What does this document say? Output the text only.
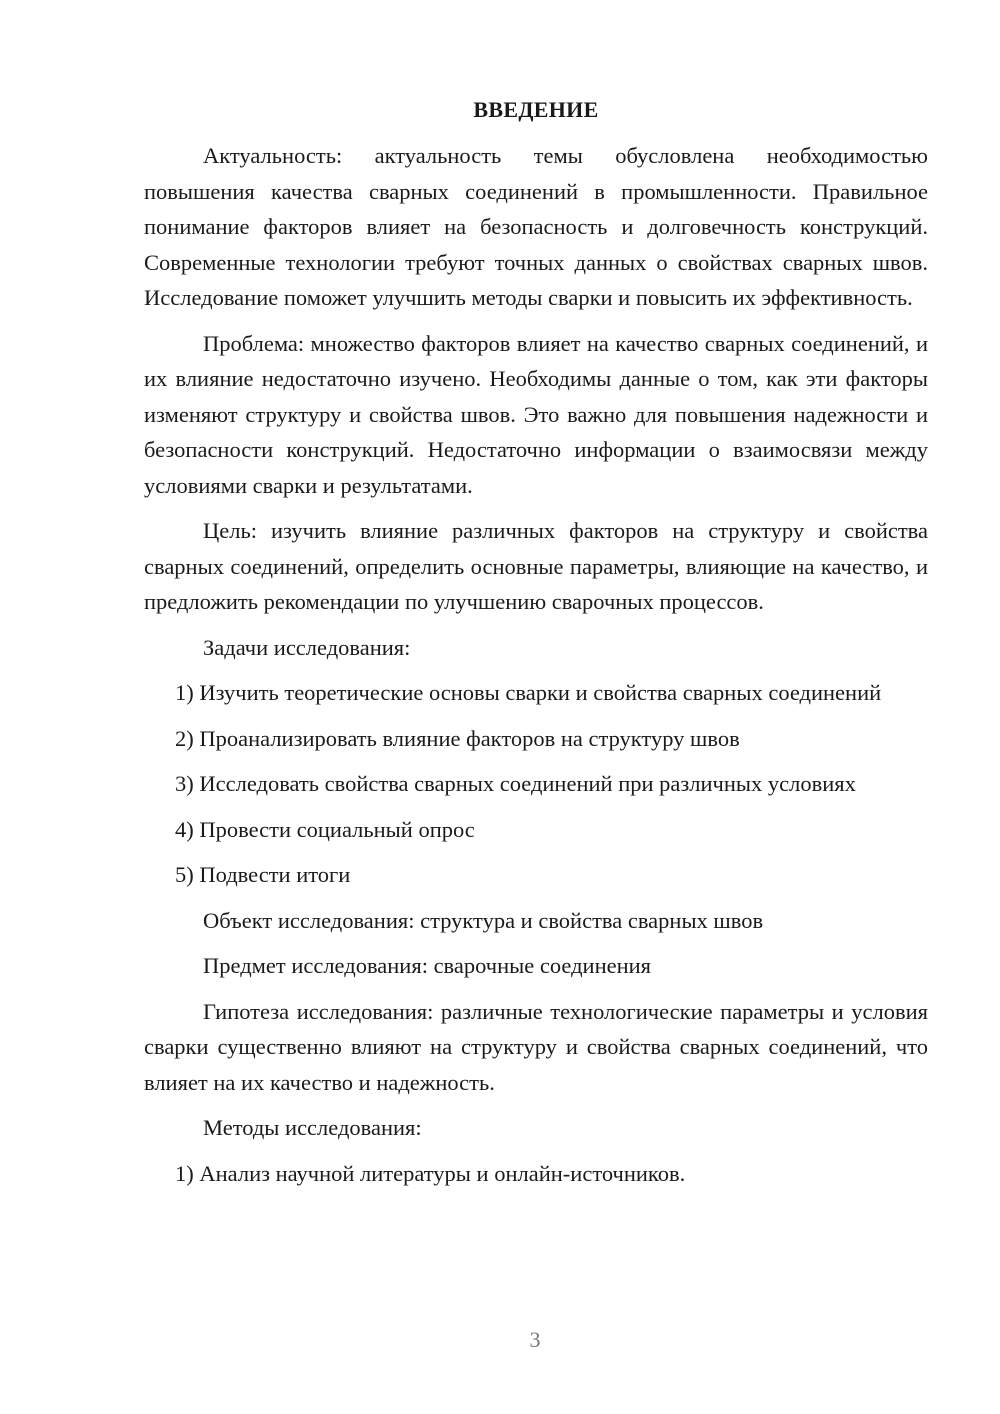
ВВЕДЕНИЕ

Актуальность: актуальность темы обусловлена необходимостью повышения качества сварных соединений в промышленности. Правильное понимание факторов влияет на безопасность и долговечность конструкций. Современные технологии требуют точных данных о свойствах сварных швов. Исследование поможет улучшить методы сварки и повысить их эффективность.

Проблема: множество факторов влияет на качество сварных соединений, и их влияние недостаточно изучено. Необходимы данные о том, как эти факторы изменяют структуру и свойства швов. Это важно для повышения надежности и безопасности конструкций. Недостаточно информации о взаимосвязи между условиями сварки и результатами.

Цель: изучить влияние различных факторов на структуру и свойства сварных соединений, определить основные параметры, влияющие на качество, и предложить рекомендации по улучшению сварочных процессов.

Задачи исследования:

1) Изучить теоретические основы сварки и свойства сварных соединений

2) Проанализировать влияние факторов на структуру швов

3) Исследовать свойства сварных соединений при различных условиях

4) Провести социальный опрос

5) Подвести итоги

Объект исследования: структура и свойства сварных швов

Предмет исследования: сварочные соединения

Гипотеза исследования: различные технологические параметры и условия сварки существенно влияют на структуру и свойства сварных соединений, что влияет на их качество и надежность.

Методы исследования:

1) Анализ научной литературы и онлайн-источников.

3
